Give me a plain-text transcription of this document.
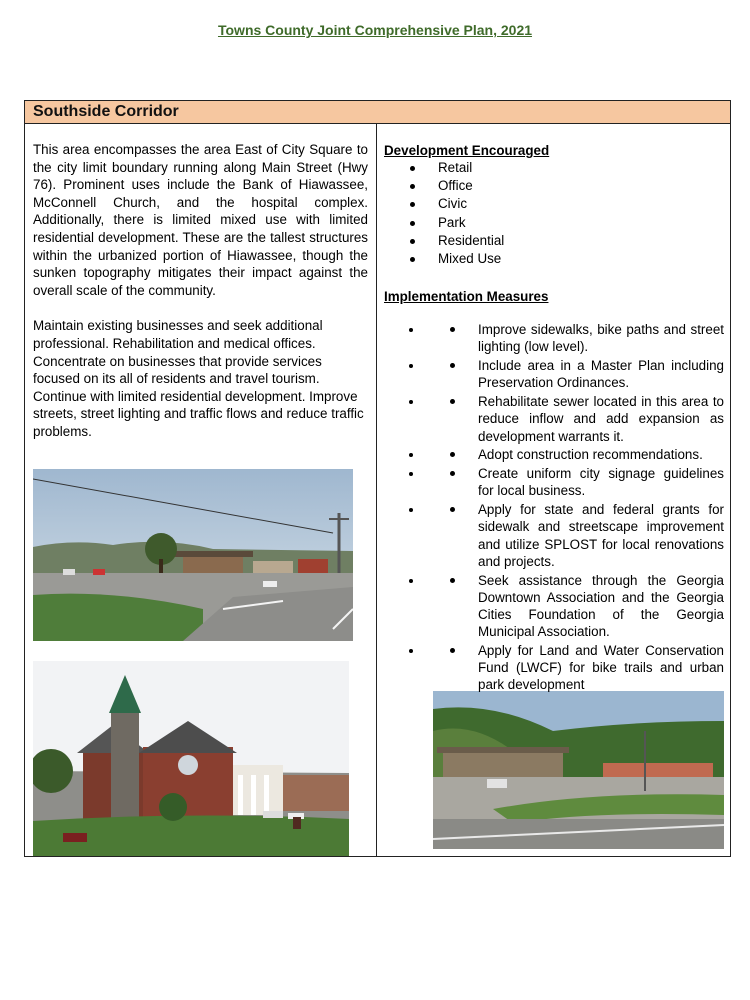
Towns County Joint Comprehensive Plan, 2021
Southside Corridor

This area encompasses the area East of City Square to the city limit boundary running along Main Street (Hwy 76). Prominent uses include the Bank of Hiawassee, McConnell Church, and the hospital complex. Additionally, there is limited mixed use with limited residential development. These are the tallest structures within the urbanized portion of Hiawassee, though the sunken topography mitigates their impact against the overall scale of the community.

Maintain existing businesses and seek additional professional. Rehabilitation and medical offices. Concentrate on businesses that provide services focused on its all of residents and travel tourism. Continue with limited residential development. Improve streets, street lighting and traffic flows and reduce traffic problems.

Development Encouraged

Retail
Office
Civic
Park
Residential
Mixed Use

Implementation Measures

• Improve sidewalks, bike paths and street lighting (low level).
• Include area in a Master Plan including Preservation Ordinances.
• Rehabilitate sewer located in this area to reduce inflow and add expansion as development warrants it.
• Adopt construction recommendations.
• Create uniform city signage guidelines for local business.
• Apply for state and federal grants for sidewalk and streetscape improvement and utilize SPLOST for local renovations and projects.
• Seek assistance through the Georgia Downtown Association and the Georgia Cities Foundation of the Georgia Municipal Association.
• Apply for Land and Water Conservation Fund (LWCF) for bike trails and urban park development
